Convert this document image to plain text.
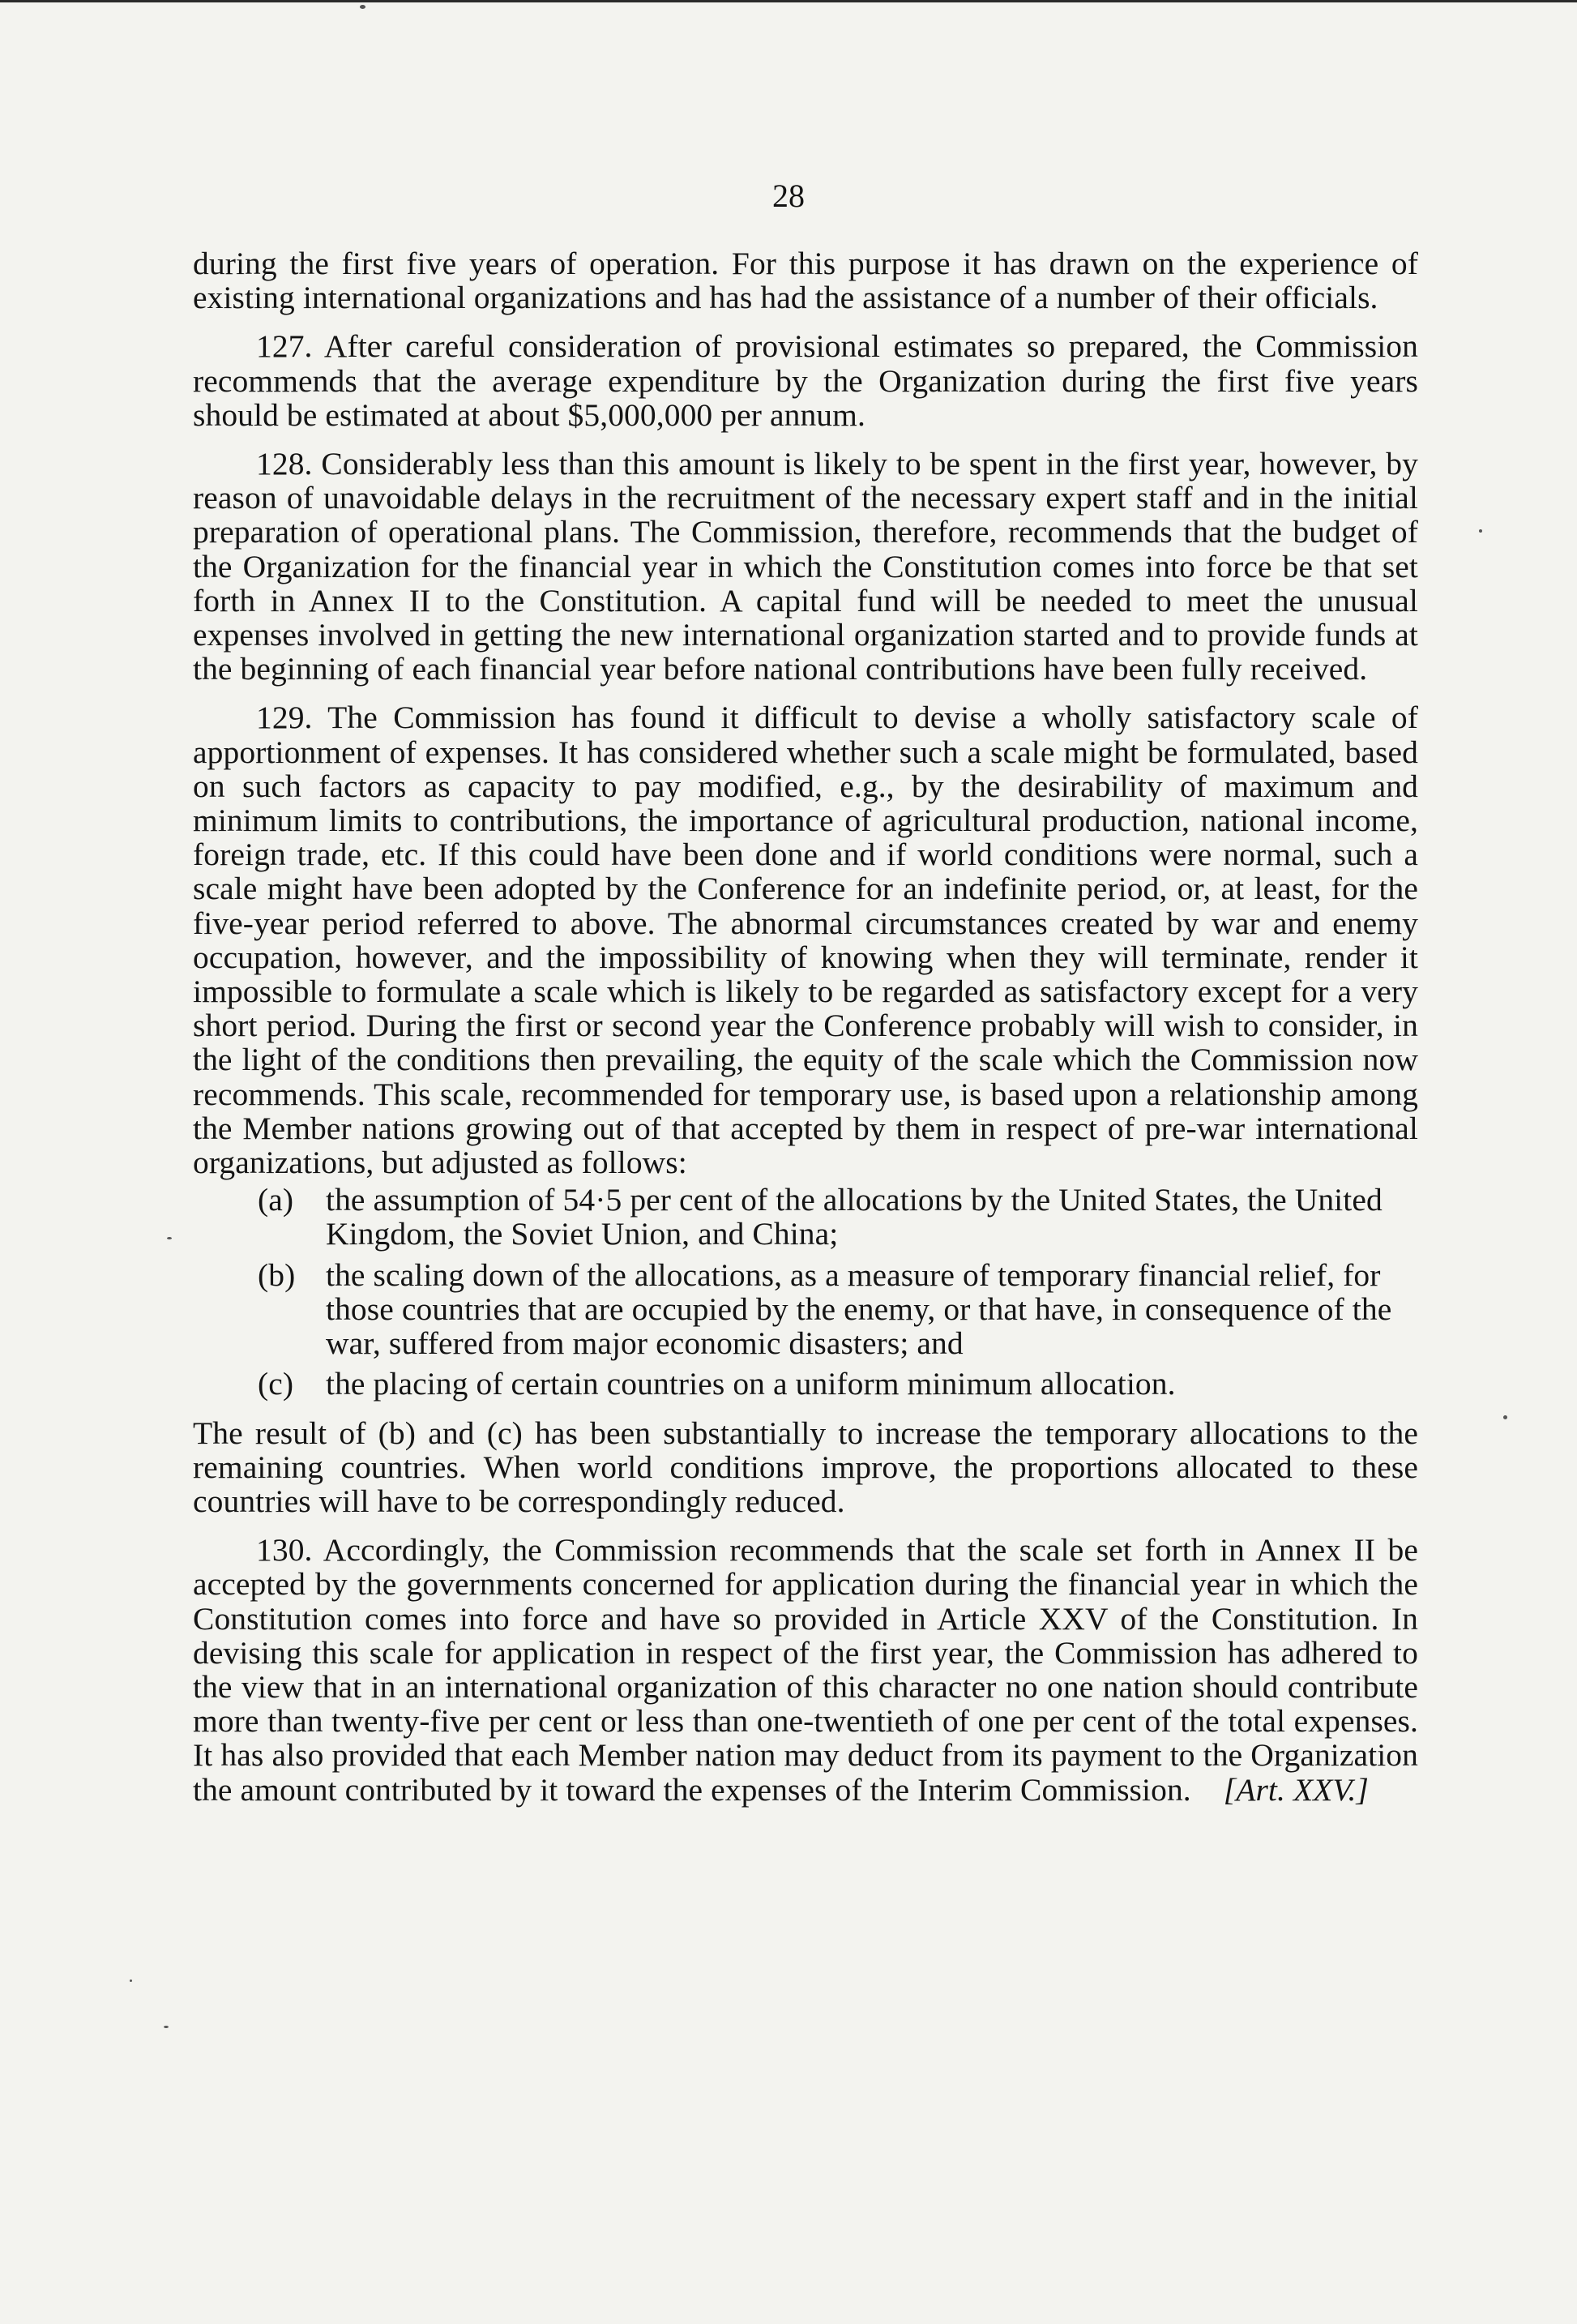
28

during the first five years of operation. For this purpose it has drawn on the experience of existing international organizations and has had the assistance of a number of their officials.

127. After careful consideration of provisional estimates so prepared, the Commission recommends that the average expenditure by the Organization during the first five years should be estimated at about $5,000,000 per annum.

128. Considerably less than this amount is likely to be spent in the first year, however, by reason of unavoidable delays in the recruitment of the necessary expert staff and in the initial preparation of operational plans. The Commission, therefore, recommends that the budget of the Organization for the financial year in which the Constitution comes into force be that set forth in Annex II to the Constitution. A capital fund will be needed to meet the unusual expenses involved in getting the new international organization started and to provide funds at the beginning of each financial year before national contributions have been fully received.

129. The Commission has found it difficult to devise a wholly satisfactory scale of apportionment of expenses. It has considered whether such a scale might be formulated, based on such factors as capacity to pay modified, e.g., by the desirability of maximum and minimum limits to contributions, the importance of agricultural production, national income, foreign trade, etc. If this could have been done and if world conditions were normal, such a scale might have been adopted by the Conference for an indefinite period, or, at least, for the five-year period referred to above. The abnormal circumstances created by war and enemy occupation, however, and the impossibility of knowing when they will terminate, render it impossible to formulate a scale which is likely to be regarded as satisfactory except for a very short period. During the first or second year the Conference probably will wish to consider, in the light of the conditions then prevailing, the equity of the scale which the Commission now recommends. This scale, recommended for temporary use, is based upon a relationship among the Member nations growing out of that accepted by them in respect of pre-war international organizations, but adjusted as follows:

(a) the assumption of 54·5 per cent of the allocations by the United States, the United Kingdom, the Soviet Union, and China;
(b) the scaling down of the allocations, as a measure of temporary financial relief, for those countries that are occupied by the enemy, or that have, in consequence of the war, suffered from major economic disasters; and
(c) the placing of certain countries on a uniform minimum allocation.

The result of (b) and (c) has been substantially to increase the temporary allocations to the remaining countries. When world conditions improve, the proportions allocated to these countries will have to be correspondingly reduced.

130. Accordingly, the Commission recommends that the scale set forth in Annex II be accepted by the governments concerned for application during the financial year in which the Constitution comes into force and have so provided in Article XXV of the Constitution. In devising this scale for application in respect of the first year, the Commission has adhered to the view that in an international organization of this character no one nation should contribute more than twenty-five per cent or less than one-twentieth of one per cent of the total expenses. It has also provided that each Member nation may deduct from its payment to the Organization the amount contributed by it toward the expenses of the Interim Commission. [Art. XXV.]
